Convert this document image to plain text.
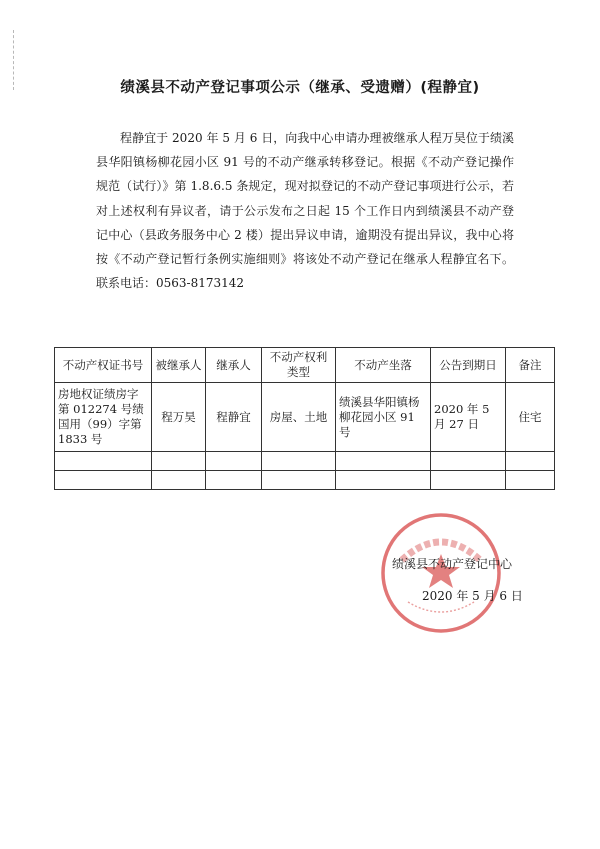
绩溪县不动产登记事项公示（继承、受遗赠）(程静宜)
程静宜于 2020 年 5 月 6 日，向我中心申请办理被继承人程万昊位于绩溪县华阳镇杨柳花园小区 91 号的不动产继承转移登记。根据《不动产登记操作规范（试行）》第 1.8.6.5 条规定，现对拟登记的不动产登记事项进行公示，若对上述权利有异议者，请于公示发布之日起 15 个工作日内到绩溪县不动产登记中心（县政务服务中心 2 楼）提出异议申请，逾期没有提出异议，我中心将按《不动产登记暂行条例实施细则》将该处不动产登记在继承人程静宜名下。联系电话：0563-8173142
不动产权证书号	被继承人	继承人	不动产权利类型	不动产坐落	公告到期日	备注
房地权证绩房字第 012274 号绩国用（99）字第 1833 号	程万昊	程静宜	房屋、土地	绩溪县华阳镇杨柳花园小区 91 号	2020 年 5 月 27 日	住宅

绩溪县不动产登记中心
2020 年 5 月 6 日
